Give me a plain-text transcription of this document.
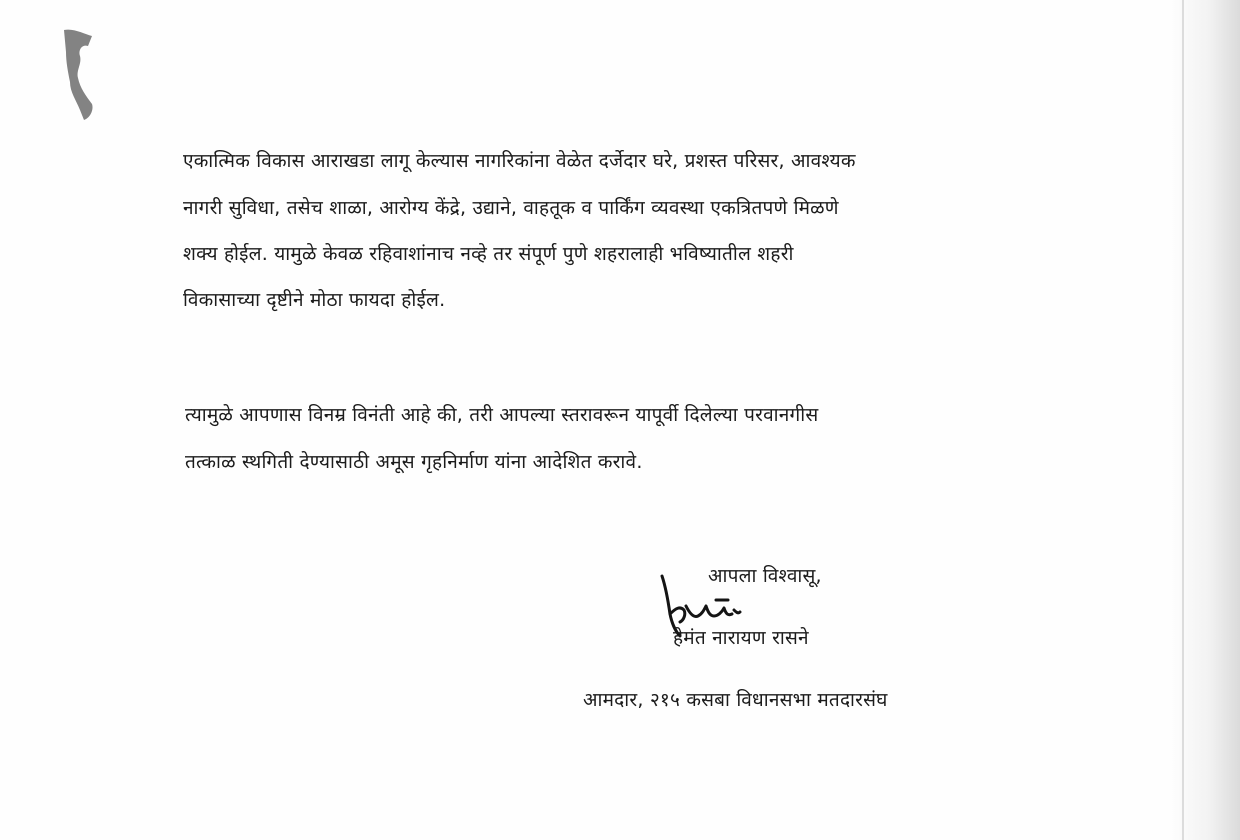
एकात्मिक विकास आराखडा लागू केल्यास नागरिकांना वेळेत दर्जेदार घरे, प्रशस्त परिसर, आवश्यक
नागरी सुविधा, तसेच शाळा, आरोग्य केंद्रे, उद्याने, वाहतूक व पार्किंग व्यवस्था एकत्रितपणे मिळणे
शक्य होईल. यामुळे केवळ रहिवाशांनाच नव्हे तर संपूर्ण पुणे शहरालाही भविष्यातील शहरी
विकासाच्या दृष्टीने मोठा फायदा होईल.
त्यामुळे आपणास विनम्र विनंती आहे की, तरी आपल्या स्तरावरून यापूर्वी दिलेल्या परवानगीस
तत्काळ स्थगिती देण्यासाठी अमूस गृहनिर्माण यांना आदेशित करावे.
आपला विश्वासू,
हेमंत नारायण रासने
आमदार, २१५ कसबा विधानसभा मतदारसंघ
